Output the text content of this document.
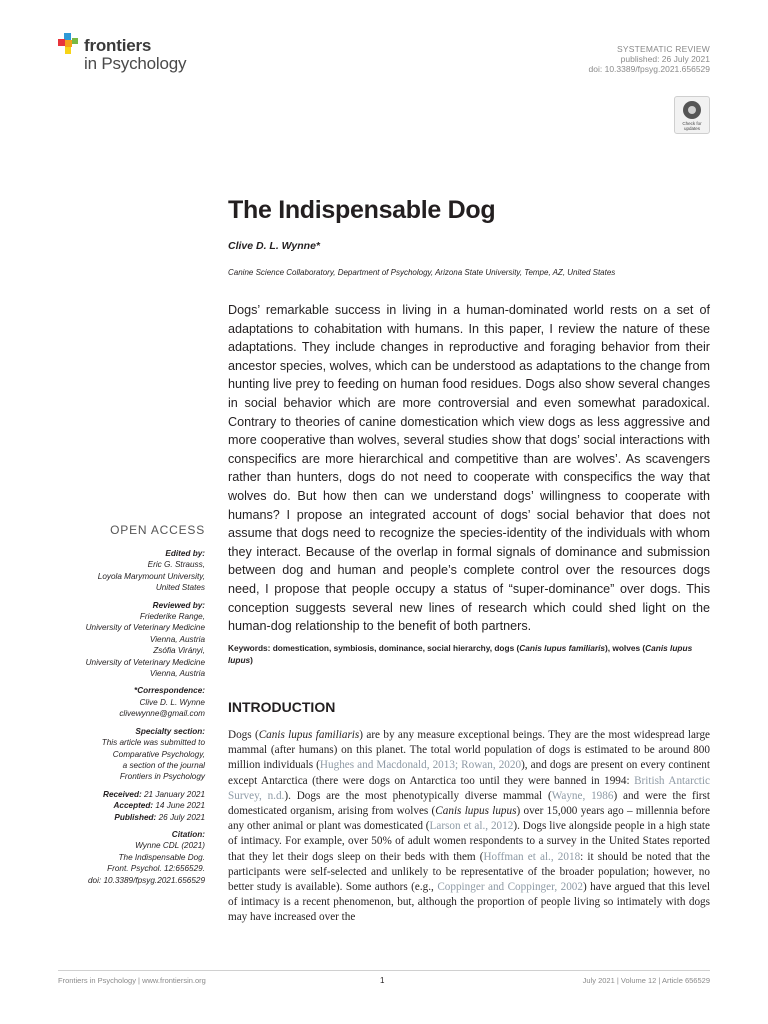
frontiers
in Psychology
SYSTEMATIC REVIEW
published: 26 July 2021
doi: 10.3389/fpsyg.2021.656529
Check for updates
The Indispensable Dog
Clive D. L. Wynne*
Canine Science Collaboratory, Department of Psychology, Arizona State University, Tempe, AZ, United States

Dogs’ remarkable success in living in a human-dominated world rests on a set of adaptations to cohabitation with humans. In this paper, I review the nature of these adaptations. They include changes in reproductive and foraging behavior from their ancestor species, wolves, which can be understood as adaptations to the change from hunting live prey to feeding on human food residues. Dogs also show several changes in social behavior which are more controversial and even somewhat paradoxical. Contrary to theories of canine domestication which view dogs as less aggressive and more cooperative than wolves, several studies show that dogs’ social interactions with conspecifics are more hierarchical and competitive than are wolves’. As scavengers rather than hunters, dogs do not need to cooperate with conspecifics the way that wolves do. But how then can we understand dogs’ willingness to cooperate with humans? I propose an integrated account of dogs’ social behavior that does not assume that dogs need to recognize the species-identity of the individuals with whom they interact. Because of the overlap in formal signals of dominance and submission between dog and human and people’s complete control over the resources dogs need, I propose that people occupy a status of “super-dominance” over dogs. This conception suggests several new lines of research which could shed light on the human-dog relationship to the benefit of both partners.

Keywords: domestication, symbiosis, dominance, social hierarchy, dogs (Canis lupus familiaris), wolves (Canis lupus lupus)
INTRODUCTION

Dogs (Canis lupus familiaris) are by any measure exceptional beings. They are the most widespread large mammal (after humans) on this planet. The total world population of dogs is estimated to be around 800 million individuals (Hughes and Macdonald, 2013; Rowan, 2020), and dogs are present on every continent except Antarctica (there were dogs on Antarctica too until they were banned in 1994: British Antarctic Survey, n.d.). Dogs are the most phenotypically diverse mammal (Wayne, 1986) and were the first domesticated organism, arising from wolves (Canis lupus lupus) over 15,000 years ago – millennia before any other animal or plant was domesticated (Larson et al., 2012). Dogs live alongside people in a high state of intimacy. For example, over 50% of adult women respondents to a survey in the United States reported that they let their dogs sleep on their beds with them (Hoffman et al., 2018: it should be noted that the participants were self-selected and unlikely to be representative of the broader population; however, no better study is available). Some authors (e.g., Coppinger and Coppinger, 2002) have argued that this level of intimacy is a recent phenomenon, but, although the proportion of people living so intimately with dogs may have increased over the

OPEN ACCESS
Edited by:
Eric G. Strauss,
Loyola Marymount University,
United States
Reviewed by:
Friederike Range,
University of Veterinary Medicine
Vienna, Austria
Zsófia Virányi,
University of Veterinary Medicine
Vienna, Austria
*Correspondence:
Clive D. L. Wynne
clivewynne@gmail.com
Specialty section:
This article was submitted to
Comparative Psychology,
a section of the journal
Frontiers in Psychology
Received: 21 January 2021
Accepted: 14 June 2021
Published: 26 July 2021
Citation:
Wynne CDL (2021)
The Indispensable Dog.
Front. Psychol. 12:656529.
doi: 10.3389/fpsyg.2021.656529
Frontiers in Psychology | www.frontiersin.org	1	July 2021 | Volume 12 | Article 656529
